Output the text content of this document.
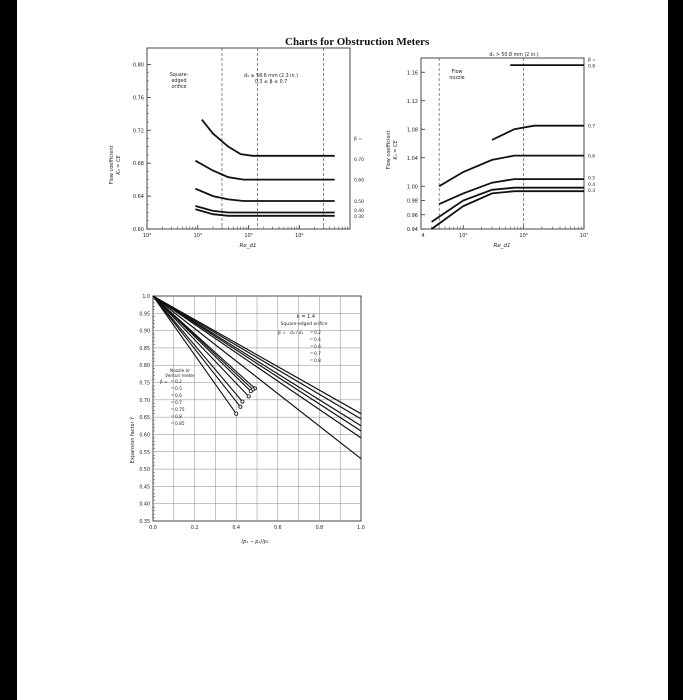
Charts for Obstruction Meters
0.60
0.64
0.68
0.72
0.76
0.80
10³	10⁴	10⁵	10⁶
β =
0.70
0.60
0.50
0.40
0.30
Square-
edged
orifice
d₁ ≥ 58.6 mm (2.3 in.)
0.3 ≤ β ≤ 0.7
Re_d1
Flow coefficient K₀ = CE
0.94
0.96
0.98
1.00
1.04
1.08
1.12
1.16
10⁵	10⁶	10⁷
4
β =
0.8
0.7
0.6
0.5
0.4
0.3
d₁ > 50.8 mm (2 in.)
Flow
nozzle
Re_d1
Flow coefficient K₀ = CE
0.35
0.40
0.45
0.50
0.55
0.60
0.65
0.70
0.75
0.80
0.85
0.90
0.95
1.0
0.0	0.2	0.4	0.6	0.8	1.0
k = 1.4
Square-edged orifice
β = d₂ / d₁	0.2
0.4
0.6
0.7
0.8
Nozzle or
Venturi meter
β = 0.2
0.5
0.6
0.7
0.75
0.8
0.85
(p₁ − p₂)/p₁
Expansion factor Y
